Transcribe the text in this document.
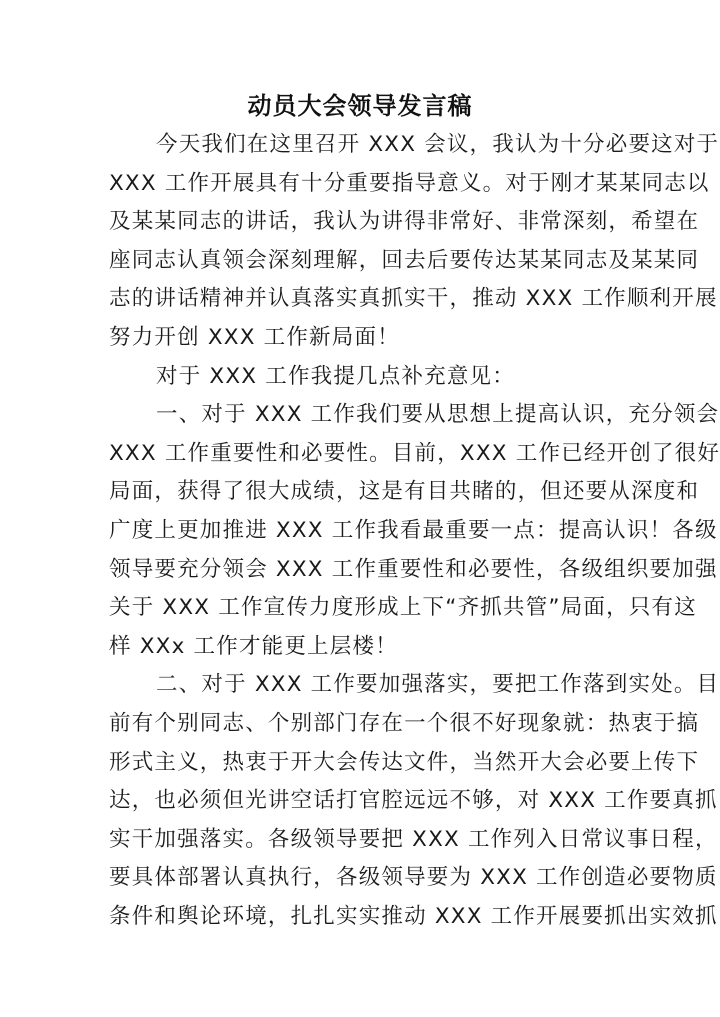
动员大会领导发言稿
今天我们在这里召开 XXX 会议，我认为十分必要这对于
XXX 工作开展具有十分重要指导意义。对于刚才某某同志以
及某某同志的讲话，我认为讲得非常好、非常深刻，希望在
座同志认真领会深刻理解，回去后要传达某某同志及某某同
志的讲话精神并认真落实真抓实干，推动 XXX 工作顺利开展
努力开创 XXX 工作新局面！
对于 XXX 工作我提几点补充意见：
一、对于 XXX 工作我们要从思想上提高认识，充分领会
XXX 工作重要性和必要性。目前，XXX 工作已经开创了很好
局面，获得了很大成绩，这是有目共睹的，但还要从深度和
广度上更加推进 XXX 工作我看最重要一点：提高认识！各级
领导要充分领会 XXX 工作重要性和必要性，各级组织要加强
关于 XXX 工作宣传力度形成上下“齐抓共管”局面，只有这
样 XXx 工作才能更上层楼！
二、对于 XXX 工作要加强落实，要把工作落到实处。目
前有个别同志、个别部门存在一个很不好现象就：热衷于搞
形式主义，热衷于开大会传达文件，当然开大会必要上传下
达，也必须但光讲空话打官腔远远不够，对 XXX 工作要真抓
实干加强落实。各级领导要把 XXX 工作列入日常议事日程，
要具体部署认真执行，各级领导要为 XXX 工作创造必要物质
条件和舆论环境，扎扎实实推动 XXX 工作开展要抓出实效抓
